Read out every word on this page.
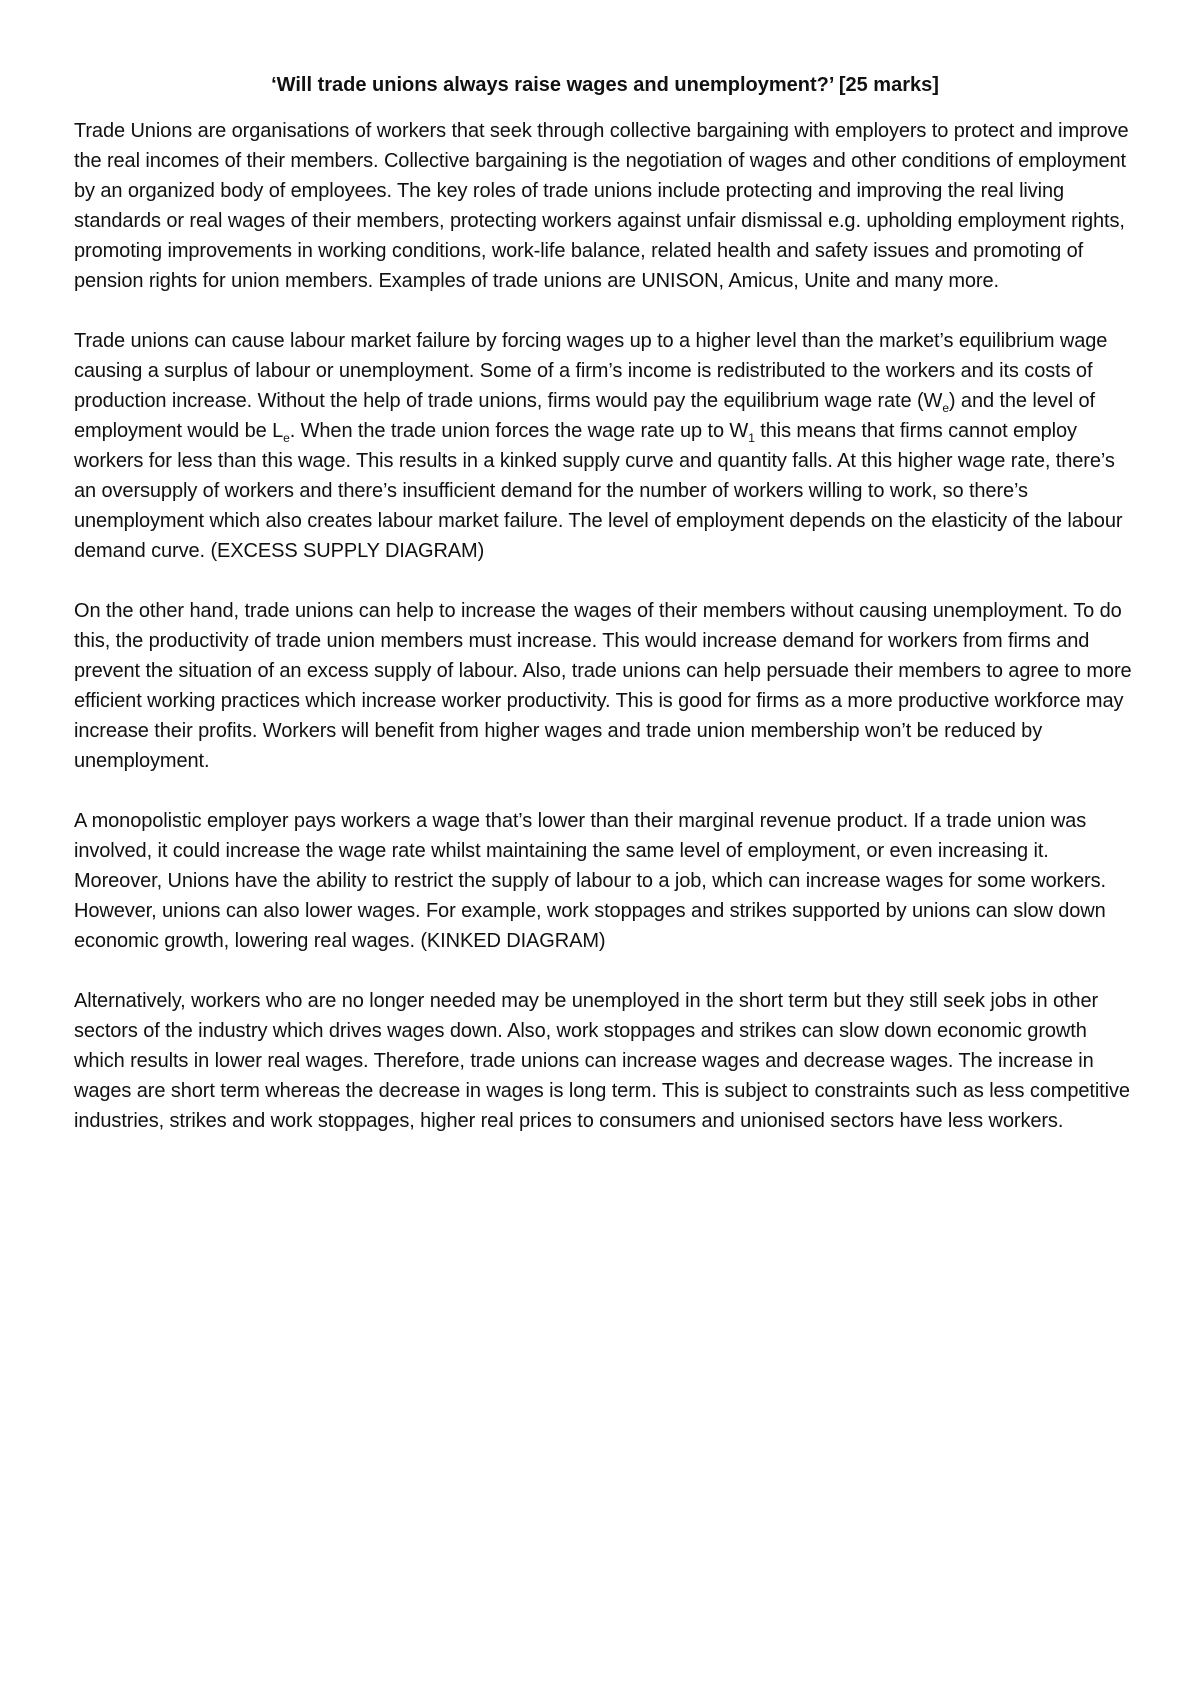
‘Will trade unions always raise wages and unemployment?’ [25 marks]

Trade Unions are organisations of workers that seek through collective bargaining with employers to protect and improve the real incomes of their members. Collective bargaining is the negotiation of wages and other conditions of employment by an organized body of employees. The key roles of trade unions include protecting and improving the real living standards or real wages of their members, protecting workers against unfair dismissal e.g. upholding employment rights, promoting improvements in working conditions, work-life balance, related health and safety issues and promoting of pension rights for union members. Examples of trade unions are UNISON, Amicus, Unite and many more.

Trade unions can cause labour market failure by forcing wages up to a higher level than the market’s equilibrium wage causing a surplus of labour or unemployment. Some of a firm’s income is redistributed to the workers and its costs of production increase. Without the help of trade unions, firms would pay the equilibrium wage rate $(W_e)$ and the level of employment would be $L_e$. When the trade union forces the wage rate up to $W_1$ this means that firms cannot employ workers for less than this wage. This results in a kinked supply curve and quantity falls. At this higher wage rate, there’s an oversupply of workers and there’s insufficient demand for the number of workers willing to work, so there’s unemployment which also creates labour market failure. The level of employment depends on the elasticity of the labour demand curve. (EXCESS SUPPLY DIAGRAM)

On the other hand, trade unions can help to increase the wages of their members without causing unemployment. To do this, the productivity of trade union members must increase. This would increase demand for workers from firms and prevent the situation of an excess supply of labour. Also, trade unions can help persuade their members to agree to more efficient working practices which increase worker productivity. This is good for firms as a more productive workforce may increase their profits. Workers will benefit from higher wages and trade union membership won’t be reduced by unemployment.

A monopolistic employer pays workers a wage that’s lower than their marginal revenue product. If a trade union was involved, it could increase the wage rate whilst maintaining the same level of employment, or even increasing it. Moreover, Unions have the ability to restrict the supply of labour to a job, which can increase wages for some workers. However, unions can also lower wages. For example, work stoppages and strikes supported by unions can slow down economic growth, lowering real wages. (KINKED DIAGRAM)

Alternatively, workers who are no longer needed may be unemployed in the short term but they still seek jobs in other sectors of the industry which drives wages down. Also, work stoppages and strikes can slow down economic growth which results in lower real wages. Therefore, trade unions can increase wages and decrease wages. The increase in wages are short term whereas the decrease in wages is long term. This is subject to constraints such as less competitive industries, strikes and work stoppages, higher real prices to consumers and unionised sectors have less workers.
